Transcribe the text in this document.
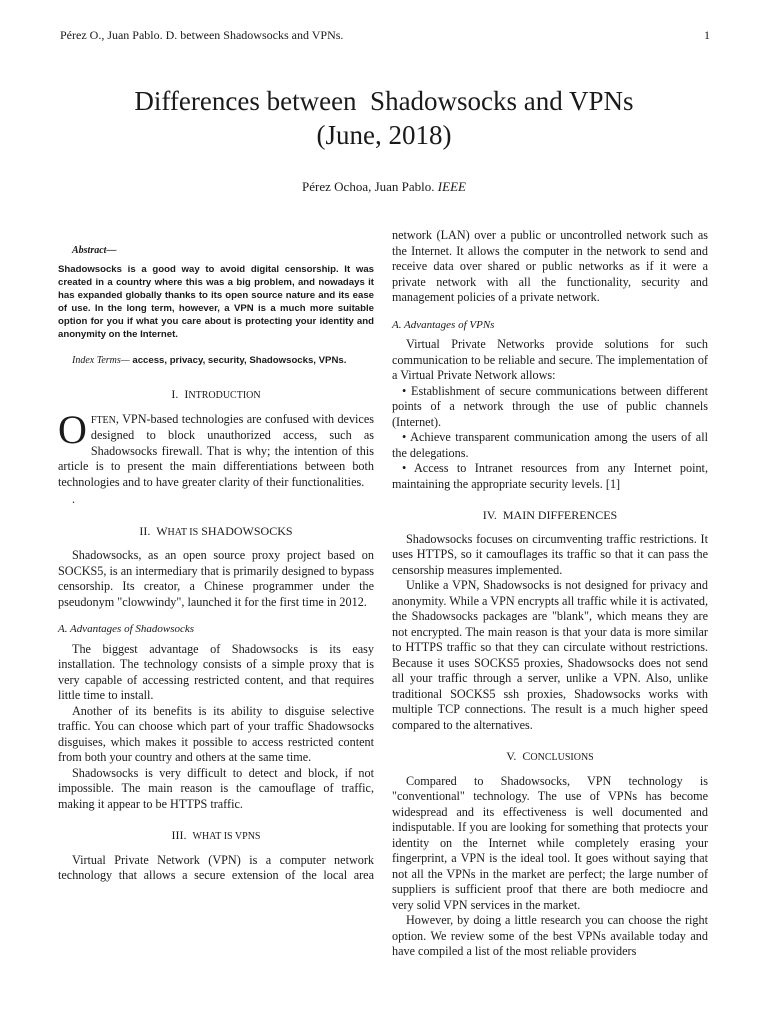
Pérez O., Juan Pablo. D. between Shadowsocks and VPNs.	1
Differences between  Shadowsocks and VPNs
(June, 2018)
Pérez Ochoa, Juan Pablo. IEEE
Abstract—

Shadowsocks is a good way to avoid digital censorship. It was created in a country where this was a big problem, and nowadays it has expanded globally thanks to its open source nature and its ease of use. In the long term, however, a VPN is a much more suitable option for you if what you care about is protecting your identity and anonymity on the Internet.

Index Terms— access, privacy, security, Shadowsocks, VPNs.

I. INTRODUCTION

OFTEN, VPN-based technologies are confused with devices designed to block unauthorized access, such as Shadowsocks firewall. That is why; the intention of this article is to present the main differentiations between both technologies and to have greater clarity of their functionalities.

.
II. WHAT IS SHADOWSOCKS

Shadowsocks, as an open source proxy project based on SOCKS5, is an intermediary that is primarily designed to bypass censorship. Its creator, a Chinese programmer under the pseudonym "clowwindy", launched it for the first time in 2012.

A. Advantages of Shadowsocks

The biggest advantage of Shadowsocks is its easy installation. The technology consists of a simple proxy that is very capable of accessing restricted content, and that requires little time to install.

Another of its benefits is its ability to disguise selective traffic. You can choose which part of your traffic Shadowsocks disguises, which makes it possible to access restricted content from both your country and others at the same time.

Shadowsocks is very difficult to detect and block, if not impossible. The main reason is the camouflage of traffic, making it appear to be HTTPS traffic.

III. WHAT IS VPNS

Virtual Private Network (VPN) is a computer network technology that allows a secure extension of the local area

network (LAN) over a public or uncontrolled network such as the Internet. It allows the computer in the network to send and receive data over shared or public networks as if it were a private network with all the functionality, security and management policies of a private network.

A. Advantages of VPNs

Virtual Private Networks provide solutions for such communication to be reliable and secure. The implementation of a Virtual Private Network allows:

• Establishment of secure communications between different points of a network through the use of public channels (Internet).

• Achieve transparent communication among the users of all the delegations.

• Access to Intranet resources from any Internet point, maintaining the appropriate security levels. [1]

IV. MAIN DIFFERENCES

Shadowsocks focuses on circumventing traffic restrictions. It uses HTTPS, so it camouflages its traffic so that it can pass the censorship measures implemented.

Unlike a VPN, Shadowsocks is not designed for privacy and anonymity. While a VPN encrypts all traffic while it is activated, the Shadowsocks packages are "blank", which means they are not encrypted. The main reason is that your data is more similar to HTTPS traffic so that they can circulate without restrictions. Because it uses SOCKS5 proxies, Shadowsocks does not send all your traffic through a server, unlike a VPN. Also, unlike traditional SOCKS5 ssh proxies, Shadowsocks works with multiple TCP connections. The result is a much higher speed compared to the alternatives.

V. CONCLUSIONS

Compared to Shadowsocks, VPN technology is "conventional" technology. The use of VPNs has become widespread and its effectiveness is well documented and indisputable. If you are looking for something that protects your identity on the Internet while completely erasing your fingerprint, a VPN is the ideal tool. It goes without saying that not all the VPNs in the market are perfect; the large number of suppliers is sufficient proof that there are both mediocre and very solid VPN services in the market.

However, by doing a little research you can choose the right option. We review some of the best VPNs available today and have compiled a list of the most reliable providers
